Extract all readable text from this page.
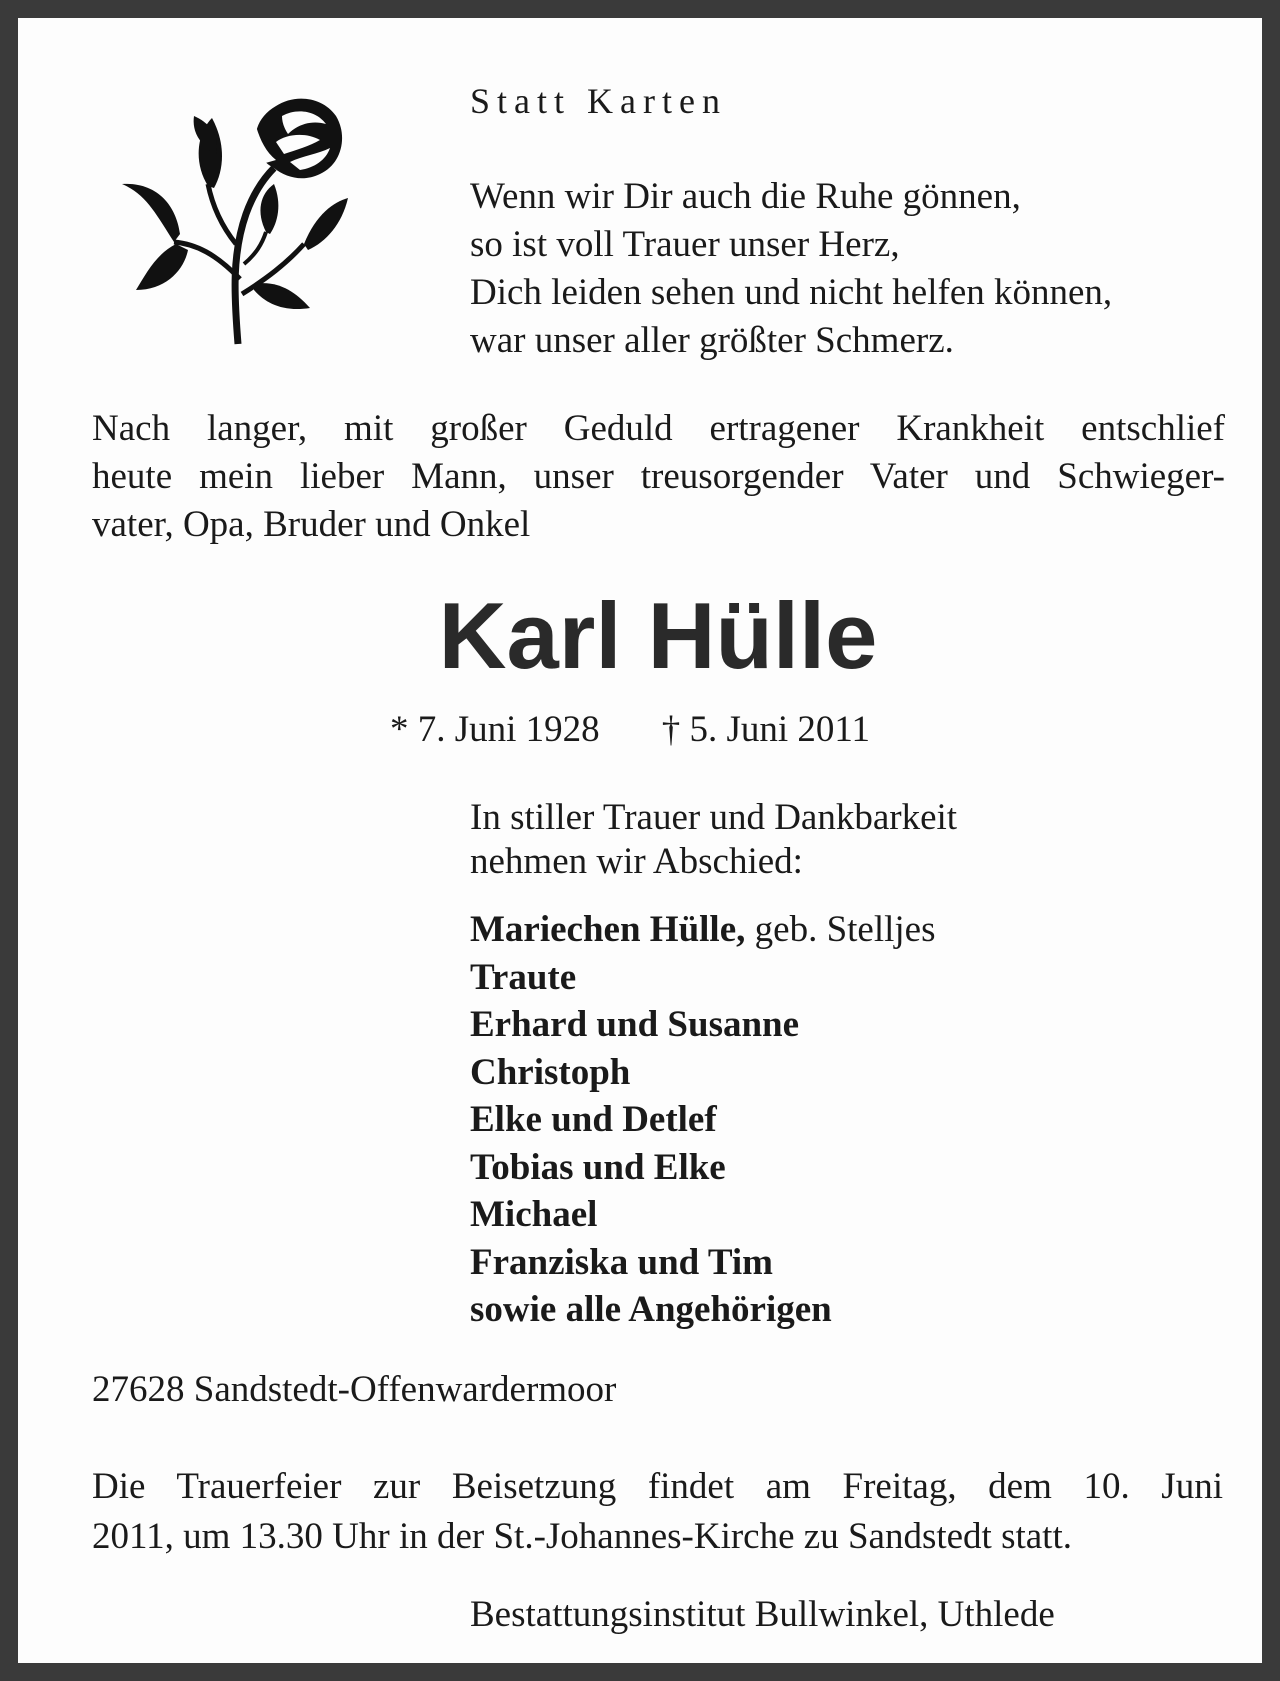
Statt Karten
Wenn wir Dir auch die Ruhe gönnen,
so ist voll Trauer unser Herz,
Dich leiden sehen und nicht helfen können,
war unser aller größter Schmerz.
Nach langer, mit großer Geduld ertragener Krankheit entschlief
heute mein lieber Mann, unser treusorgender Vater und Schwieger-
vater, Opa, Bruder und Onkel
Karl Hülle
* 7. Juni 1928 † 5. Juni 2011
In stiller Trauer und Dankbarkeit
nehmen wir Abschied:
Mariechen Hülle, geb. Stelljes
Traute
Erhard und Susanne
Christoph
Elke und Detlef
Tobias und Elke
Michael
Franziska und Tim
sowie alle Angehörigen
27628 Sandstedt-Offenwardermoor
Die Trauerfeier zur Beisetzung findet am Freitag, dem 10. Juni
2011, um 13.30 Uhr in der St.-Johannes-Kirche zu Sandstedt statt.
Bestattungsinstitut Bullwinkel, Uthlede
